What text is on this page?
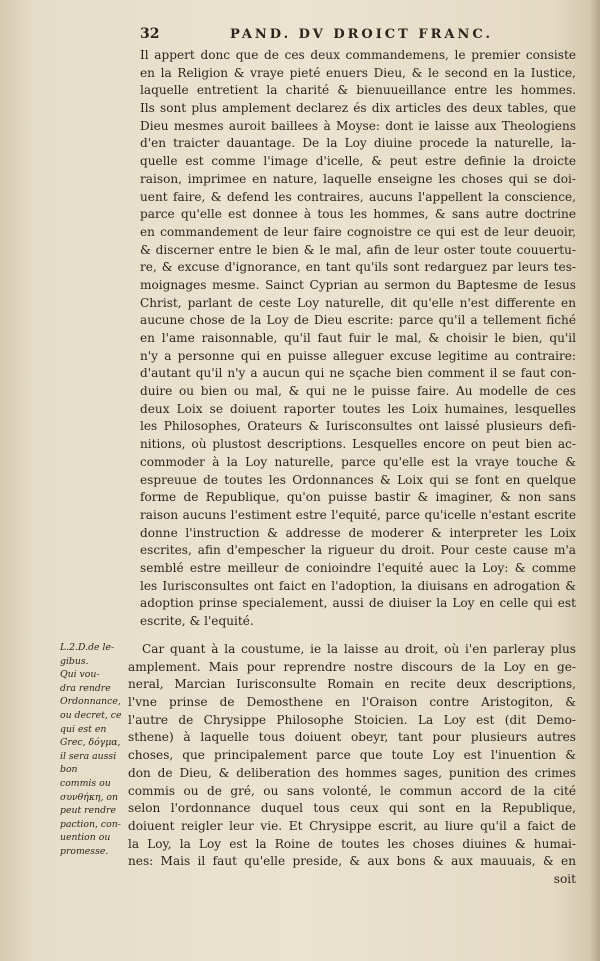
32	PAND. DV DROICT FRANC.
Il appert donc que de ces deux commandemens, le premier consiste
en la Religion & vraye pieté enuers Dieu, & le second en la Iustice,
laquelle entretient la charité & bienuueillance entre les hommes.
Ils sont plus amplement declarez és dix articles des deux tables, que
Dieu mesmes auroit baillees à Moyse: dont ie laisse aux Theologiens
d'en traicter dauantage. De la Loy diuine procede la naturelle, la-
quelle est comme l'image d'icelle, & peut estre definie la droicte
raison, imprimee en nature, laquelle enseigne les choses qui se doi-
uent faire, & defend les contraires, aucuns l'appellent la conscience,
parce qu'elle est donnee à tous les hommes, & sans autre doctrine
en commandement de leur faire cognoistre ce qui est de leur deuoir,
& discerner entre le bien & le mal, afin de leur oster toute couuertu-
re, & excuse d'ignorance, en tant qu'ils sont redarguez par leurs tes-
moignages mesme. Sainct Cyprian au sermon du Baptesme de Iesus
Christ, parlant de ceste Loy naturelle, dit qu'elle n'est differente en
aucune chose de la Loy de Dieu escrite: parce qu'il a tellement fiché
en l'ame raisonnable, qu'il faut fuir le mal, & choisir le bien, qu'il
n'y a personne qui en puisse alleguer excuse legitime au contraire:
d'autant qu'il n'y a aucun qui ne sçache bien comment il se faut con-
duire ou bien ou mal, & qui ne le puisse faire. Au modelle de ces
deux Loix se doiuent raporter toutes les Loix humaines, lesquelles
les Philosophes, Orateurs & Iurisconsultes ont laissé plusieurs defi-
nitions, où plustost descriptions. Lesquelles encore on peut bien ac-
commoder à la Loy naturelle, parce qu'elle est la vraye touche &
espreuue de toutes les Ordonnances & Loix qui se font en quelque
forme de Republique, qu'on puisse bastir & imaginer, & non sans
raison aucuns l'estiment estre l'equité, parce qu'icelle n'estant escrite
donne l'instruction & addresse de moderer & interpreter les Loix
escrites, afin d'empescher la rigueur du droit. Pour ceste cause m'a
semblé estre meilleur de conioindre l'equité auec la Loy: & comme
les Iurisconsultes ont faict en l'adoption, la diuisans en adrogation &
adoption prinse specialement, aussi de diuiser la Loy en celle qui est
escrite, & l'equité.
L.2.D.de le-
gibus.
Qui vou-
dra rendre
Ordonnance,
ou decret, ce
qui est en
Grec, δόγμα,
il sera aussi
bon
commis ou
συνθήκη, on
peut rendre
paction, con-
uention ou
promesse.
Car quant à la coustume, ie la laisse au droit, où i'en parleray plus
amplement. Mais pour reprendre nostre discours de la Loy en ge-
neral, Marcian Iurisconsulte Romain en recite deux descriptions,
l'vne prinse de Demosthene en l'Oraison contre Aristogiton, &
l'autre de Chrysippe Philosophe Stoicien. La Loy est (dit Demo-
sthene) à laquelle tous doiuent obeyr, tant pour plusieurs autres
choses, que principalement parce que toute Loy est l'inuention &
don de Dieu, & deliberation des hommes sages, punition des crimes
commis ou de gré, ou sans volonté, le commun accord de la cité
selon l'ordonnance duquel tous ceux qui sont en la Republique,
doiuent reigler leur vie. Et Chrysippe escrit, au liure qu'il a faict de
la Loy, la Loy est la Roine de toutes les choses diuines & humai-
nes: Mais il faut qu'elle preside, & aux bons & aux mauuais, & en
soit
